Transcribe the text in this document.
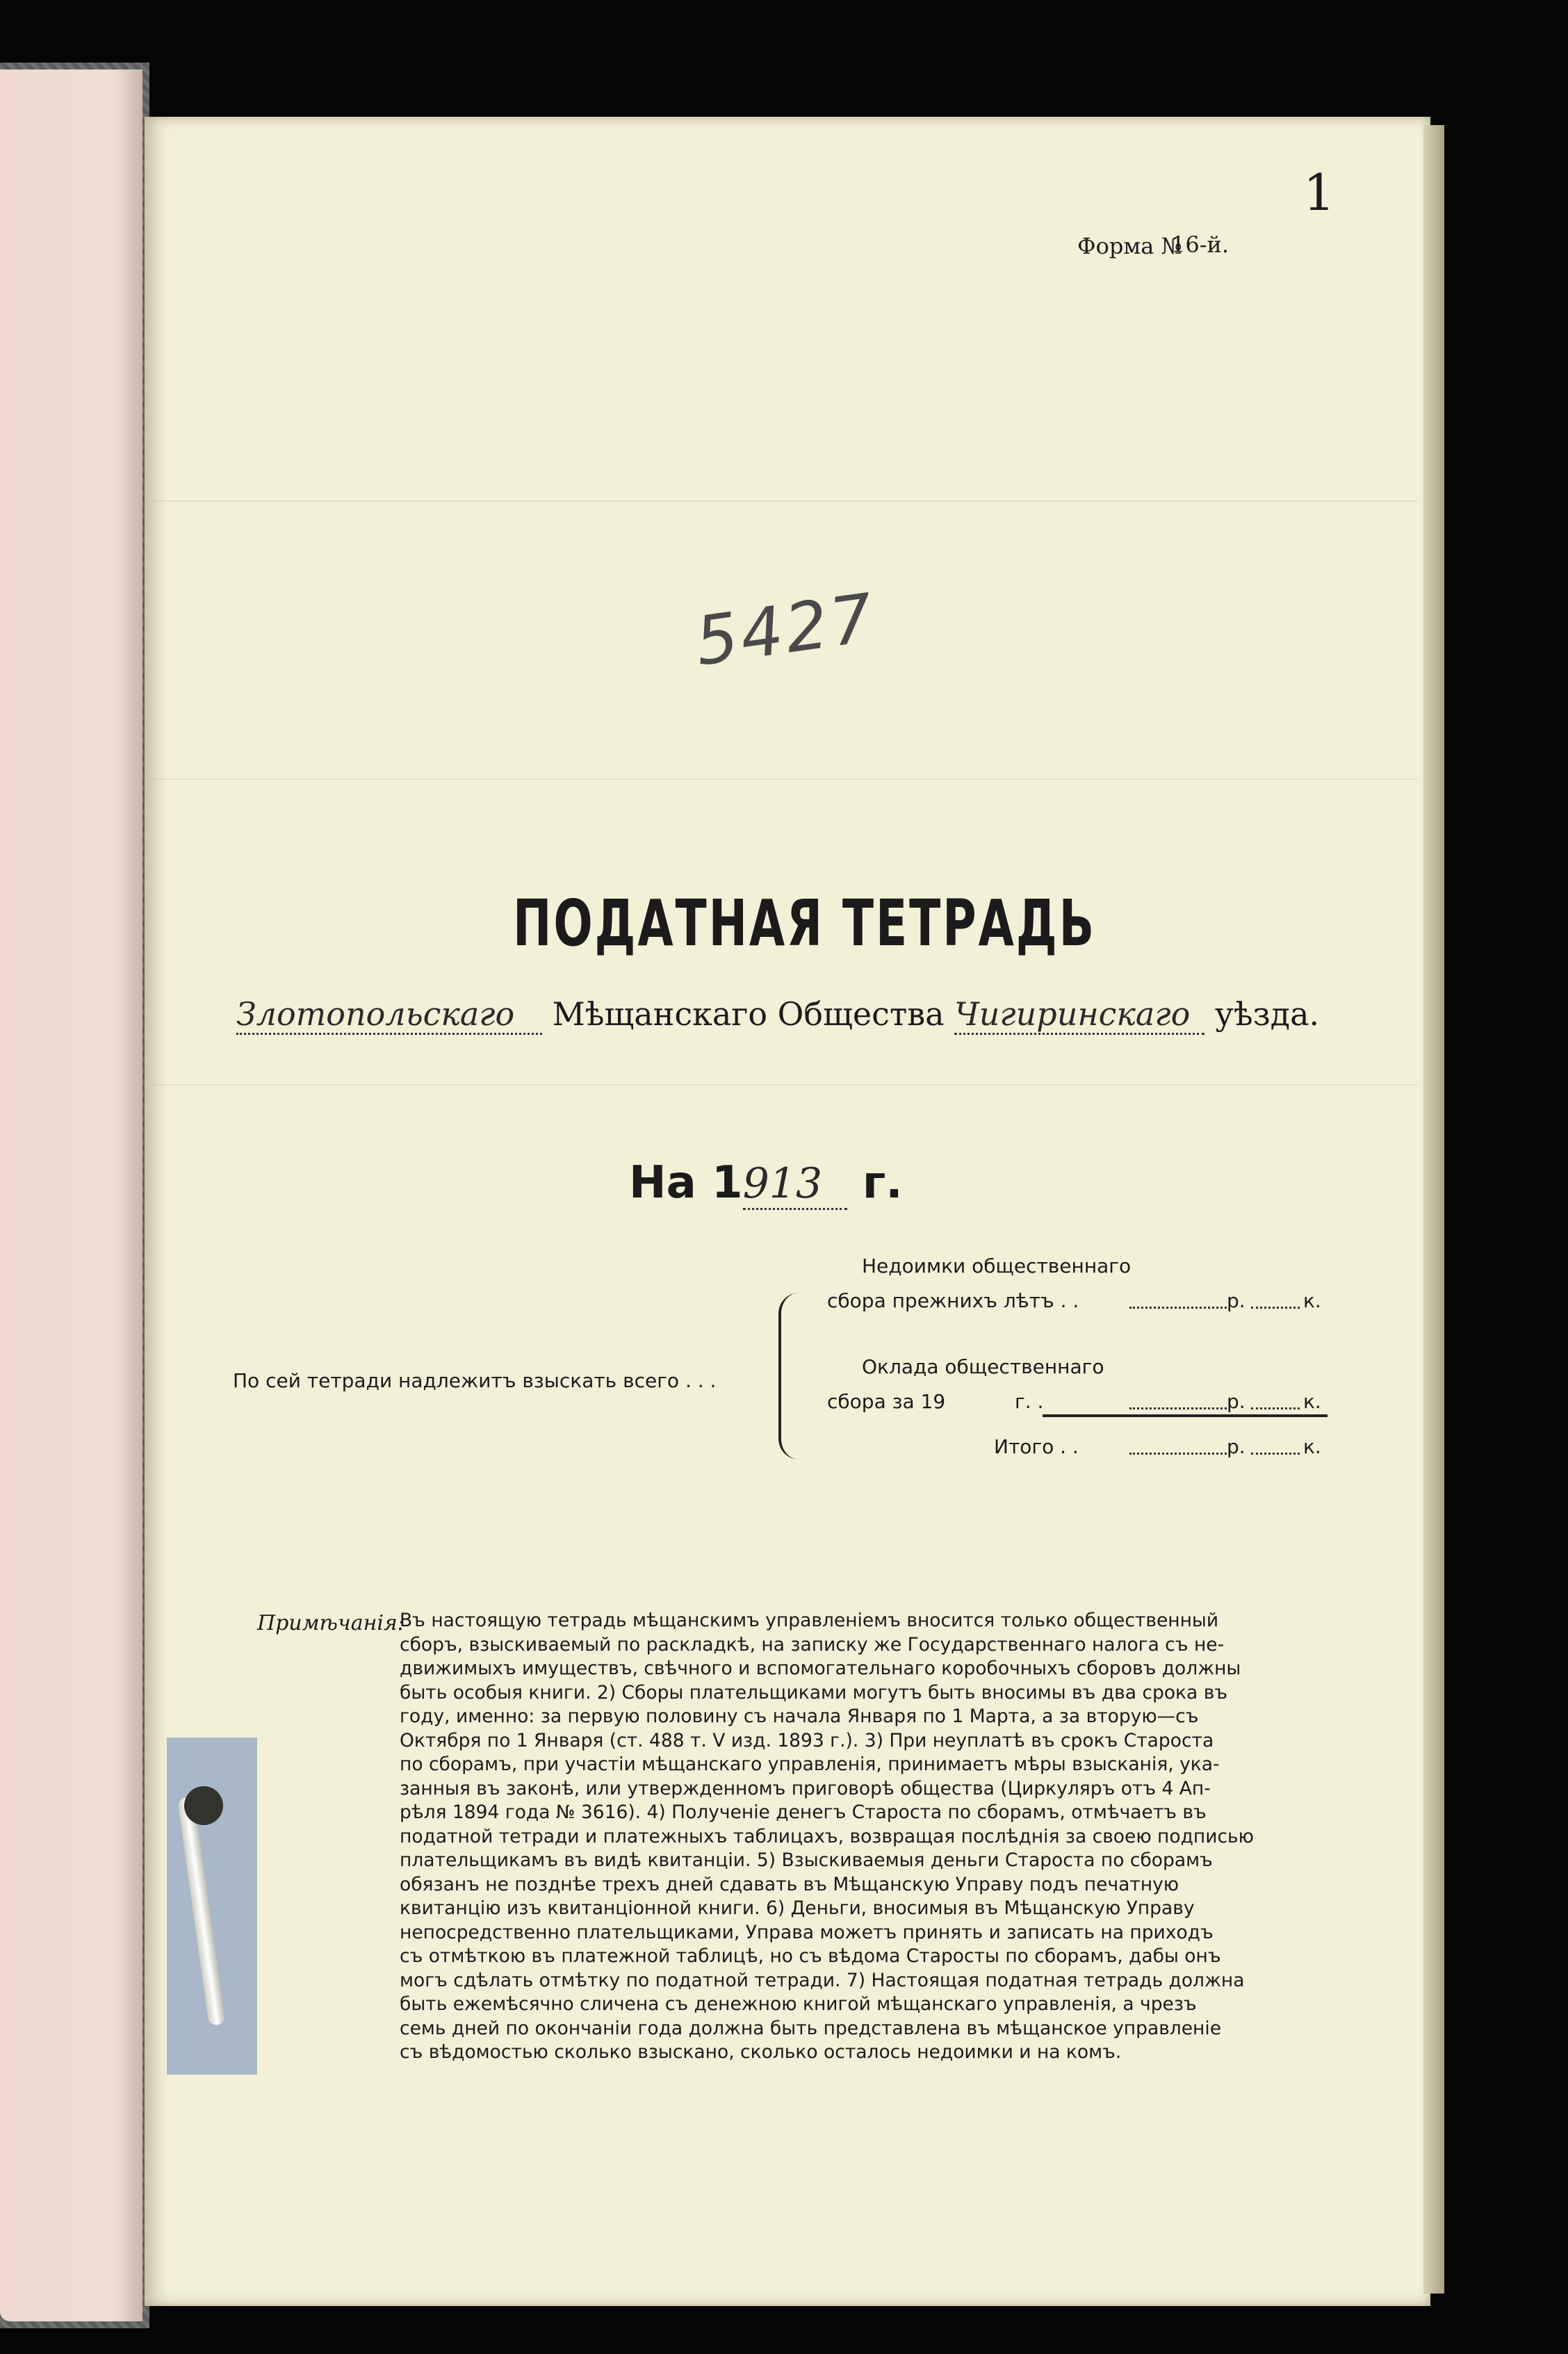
1
Форма №
16-й.
5427
ПОДАТНАЯ ТЕТРАДЬ
Злотопольскаго Мѣщанскаго Общества Чигиринскаго уѣзда.
На 1913 г.
По сей тетради надлежитъ взыскать всего . . .
Недоимки общественнаго
сбора прежнихъ лѣтъ . .	р.	к.
Оклада общественнаго
сбора за 19	г. .	р.	к.
Итого . .	р.	к.
Примѣчанія:
Въ настоящую тетрадь мѣщанскимъ управленіемъ вносится только общественный
сборъ, взыскиваемый по раскладкѣ, на записку же Государственнаго налога съ не-
движимыхъ имуществъ, свѣчного и вспомогательнаго коробочныхъ сборовъ должны
быть особыя книги. 2) Сборы плательщиками могутъ быть вносимы въ два срока въ
году, именно: за первую половину съ начала Января по 1 Марта, а за вторую—съ
Октября по 1 Января (ст. 488 т. V изд. 1893 г.). 3) При неуплатѣ въ срокъ Староста
по сборамъ, при участіи мѣщанскаго управленія, принимаетъ мѣры взысканія, ука-
занныя въ законѣ, или утвержденномъ приговорѣ общества (Циркуляръ отъ 4 Ап-
рѣля 1894 года № 3616). 4) Полученіе денегъ Староста по сборамъ, отмѣчаетъ въ
податной тетради и платежныхъ таблицахъ, возвращая послѣднія за своею подписью
плательщикамъ въ видѣ квитанціи. 5) Взыскиваемыя деньги Староста по сборамъ
обязанъ не позднѣе трехъ дней сдавать въ Мѣщанскую Управу подъ печатную
квитанцію изъ квитанціонной книги. 6) Деньги, вносимыя въ Мѣщанскую Управу
непосредственно плательщиками, Управа можетъ принять и записать на приходъ
съ отмѣткою въ платежной таблицѣ, но съ вѣдома Старосты по сборамъ, дабы онъ
могъ сдѣлать отмѣтку по податной тетради. 7) Настоящая податная тетрадь должна
быть ежемѣсячно сличена съ денежною книгой мѣщанскаго управленія, а чрезъ
семь дней по окончаніи года должна быть представлена въ мѣщанское управленіе
съ вѣдомостью сколько взыскано, сколько осталось недоимки и на комъ.
